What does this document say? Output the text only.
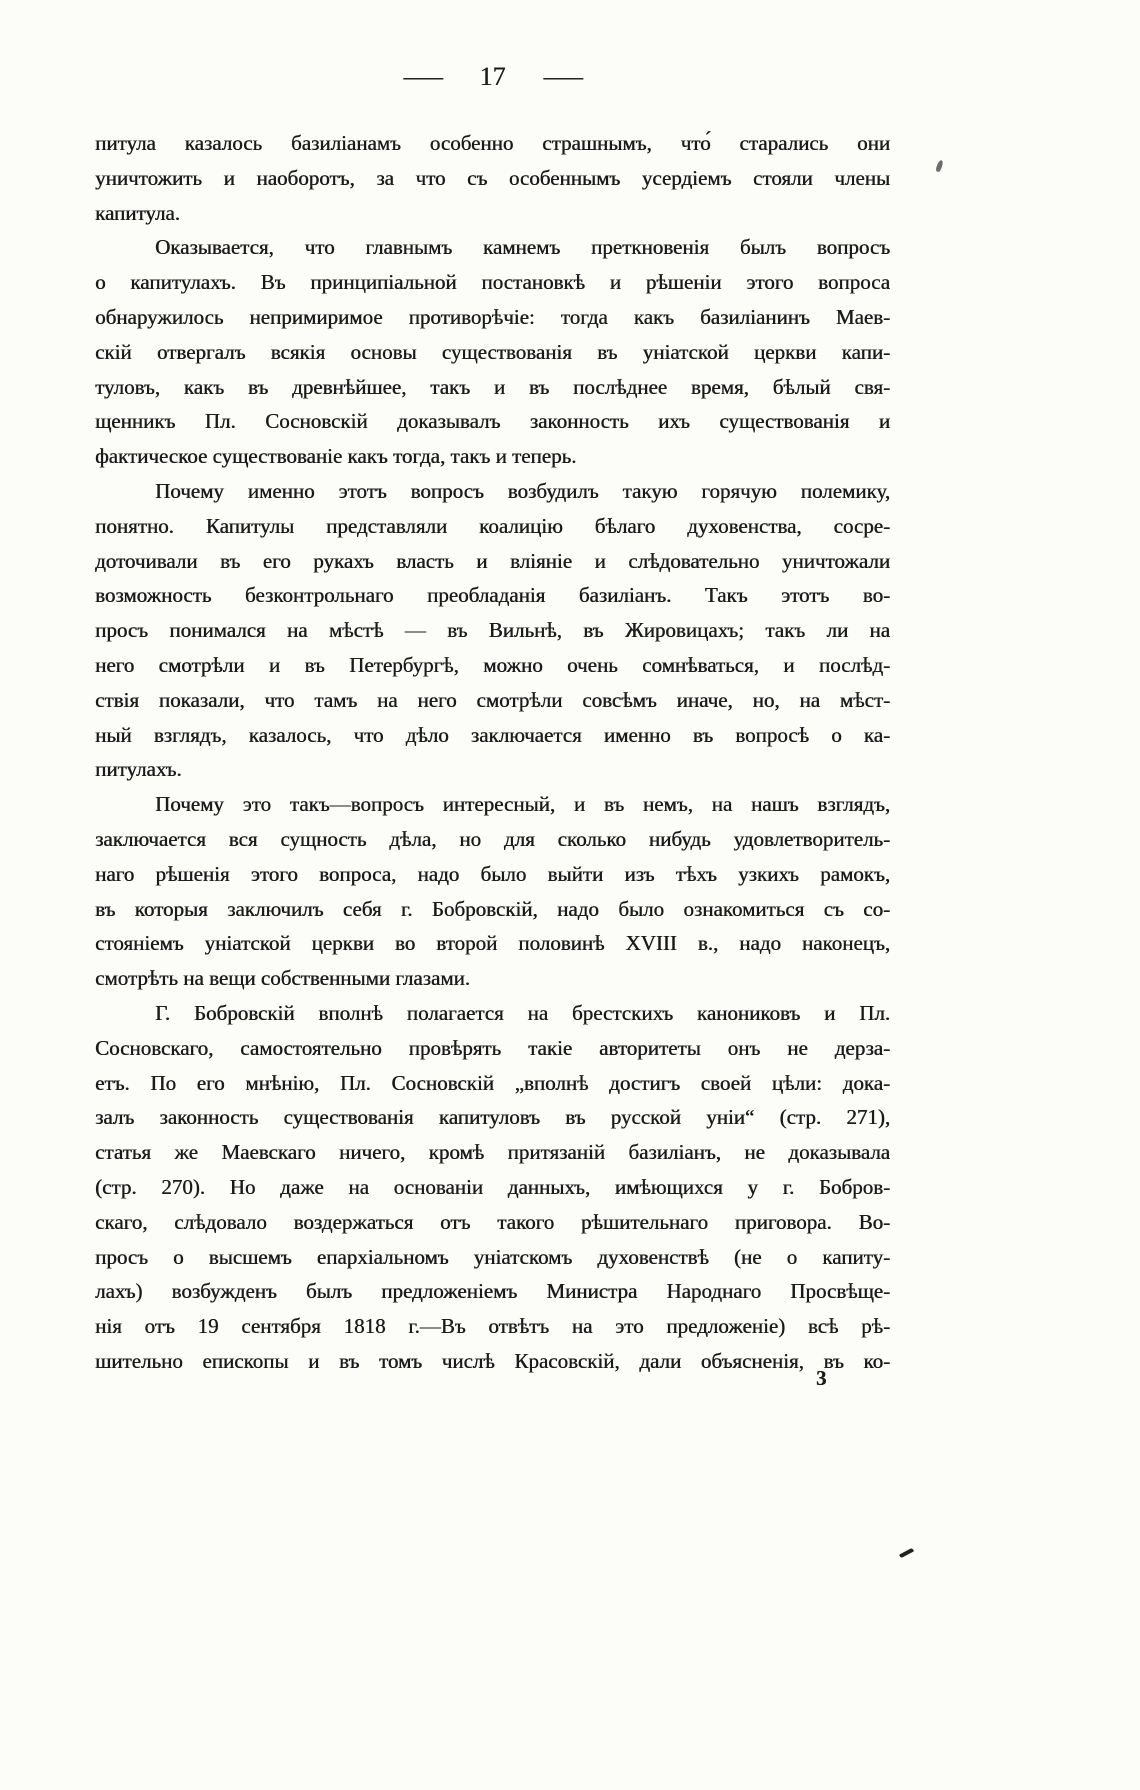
— 17 —
питула казалось базиліанамъ особенно страшнымъ, что́ старались они
уничтожить и наоборотъ, за что съ особеннымъ усердіемъ стояли члены
капитула.
Оказывается, что главнымъ камнемъ преткновенія былъ вопросъ
о капитулахъ. Въ принципіальной постановкѣ и рѣшеніи этого вопроса
обнаружилось непримиримое противорѣчіе: тогда какъ базиліанинъ Маев-
скій отвергалъ всякія основы существованія въ уніатской церкви капи-
туловъ, какъ въ древнѣйшее, такъ и въ послѣднее время, бѣлый свя-
щенникъ Пл. Сосновскій доказывалъ законность ихъ существованія и
фактическое существованіе какъ тогда, такъ и теперь.
Почему именно этотъ вопросъ возбудилъ такую горячую полемику,
понятно. Капитулы представляли коалицію бѣлаго духовенства, сосре-
доточивали въ его рукахъ власть и вліяніе и слѣдовательно уничтожали
возможность безконтрольнаго преобладанія базиліанъ. Такъ этотъ во-
просъ понимался на мѣстѣ — въ Вильнѣ, въ Жировицахъ; такъ ли на
него смотрѣли и въ Петербургѣ, можно очень сомнѣваться, и послѣд-
ствія показали, что тамъ на него смотрѣли совсѣмъ иначе, но, на мѣст-
ный взглядъ, казалось, что дѣло заключается именно въ вопросѣ о ка-
питулахъ.
Почему это такъ—вопросъ интересный, и въ немъ, на нашъ взглядъ,
заключается вся сущность дѣла, но для сколько нибудь удовлетворитель-
наго рѣшенія этого вопроса, надо было выйти изъ тѣхъ узкихъ рамокъ,
въ которыя заключилъ себя г. Бобровскій, надо было ознакомиться съ со-
стояніемъ уніатской церкви во второй половинѣ XVIII в., надо наконецъ,
смотрѣть на вещи собственными глазами.
Г. Бобровскій вполнѣ полагается на брестскихъ канониковъ и Пл.
Сосновскаго, самостоятельно провѣрять такіе авторитеты онъ не дерза-
етъ. По его мнѣнію, Пл. Сосновскій „вполнѣ достигъ своей цѣли: дока-
залъ законность существованія капитуловъ въ русской уніи“ (стр. 271),
статья же Маевскаго ничего, кромѣ притязаній базиліанъ, не доказывала
(стр. 270). Но даже на основаніи данныхъ, имѣющихся у г. Бобров-
скаго, слѣдовало воздержаться отъ такого рѣшительнаго приговора. Во-
просъ о высшемъ епархіальномъ уніатскомъ духовенствѣ (не о капиту-
лахъ) возбужденъ былъ предложеніемъ Министра Народнаго Просвѣще-
нія отъ 19 сентября 1818 г.—Въ отвѣтъ на это предложеніе) всѣ рѣ-
шительно епископы и въ томъ числѣ Красовскій, дали объясненія, въ ко-
3
